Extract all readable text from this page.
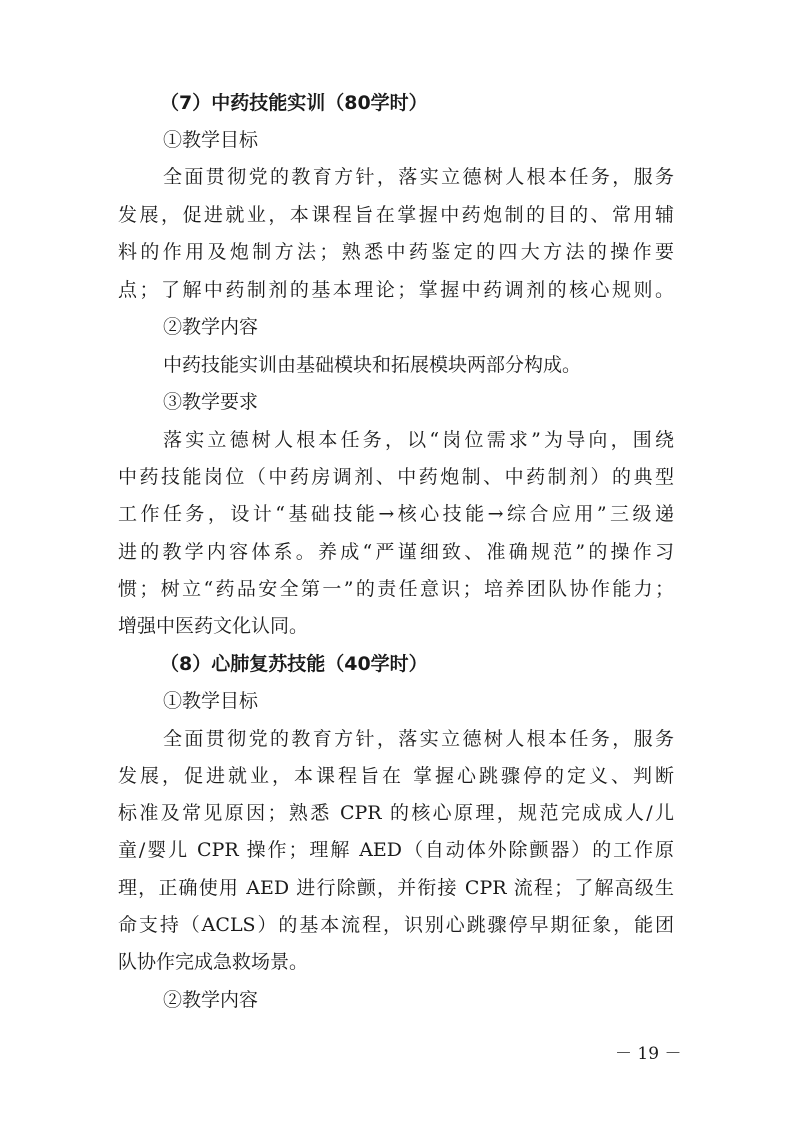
（7）中药技能实训（80学时）
①教学目标
全面贯彻党的教育方针，落实立德树人根本任务，服务
发展，促进就业，本课程旨在掌握中药炮制的目的、常用辅
料的作用及炮制方法；熟悉中药鉴定的四大方法的操作要
点；了解中药制剂的基本理论；掌握中药调剂的核心规则。
②教学内容
中药技能实训由基础模块和拓展模块两部分构成。
③教学要求
落实立德树人根本任务，以“岗位需求”为导向，围绕
中药技能岗位（中药房调剂、中药炮制、中药制剂）的典型
工作任务，设计“基础技能→核心技能→综合应用”三级递
进的教学内容体系。养成“严谨细致、准确规范”的操作习
惯；树立“药品安全第一”的责任意识；培养团队协作能力；
增强中医药文化认同。
（8）心肺复苏技能（40学时）
①教学目标
全面贯彻党的教育方针，落实立德树人根本任务，服务
发展，促进就业，本课程旨在 掌握心跳骤停的定义、判断
标准及常见原因；熟悉 CPR 的核心原理，规范完成成人/儿
童/婴儿 CPR 操作；理解 AED（自动体外除颤器）的工作原
理，正确使用 AED 进行除颤，并衔接 CPR 流程；了解高级生
命支持（ACLS）的基本流程，识别心跳骤停早期征象，能团
队协作完成急救场景。
②教学内容
－ 19 －
